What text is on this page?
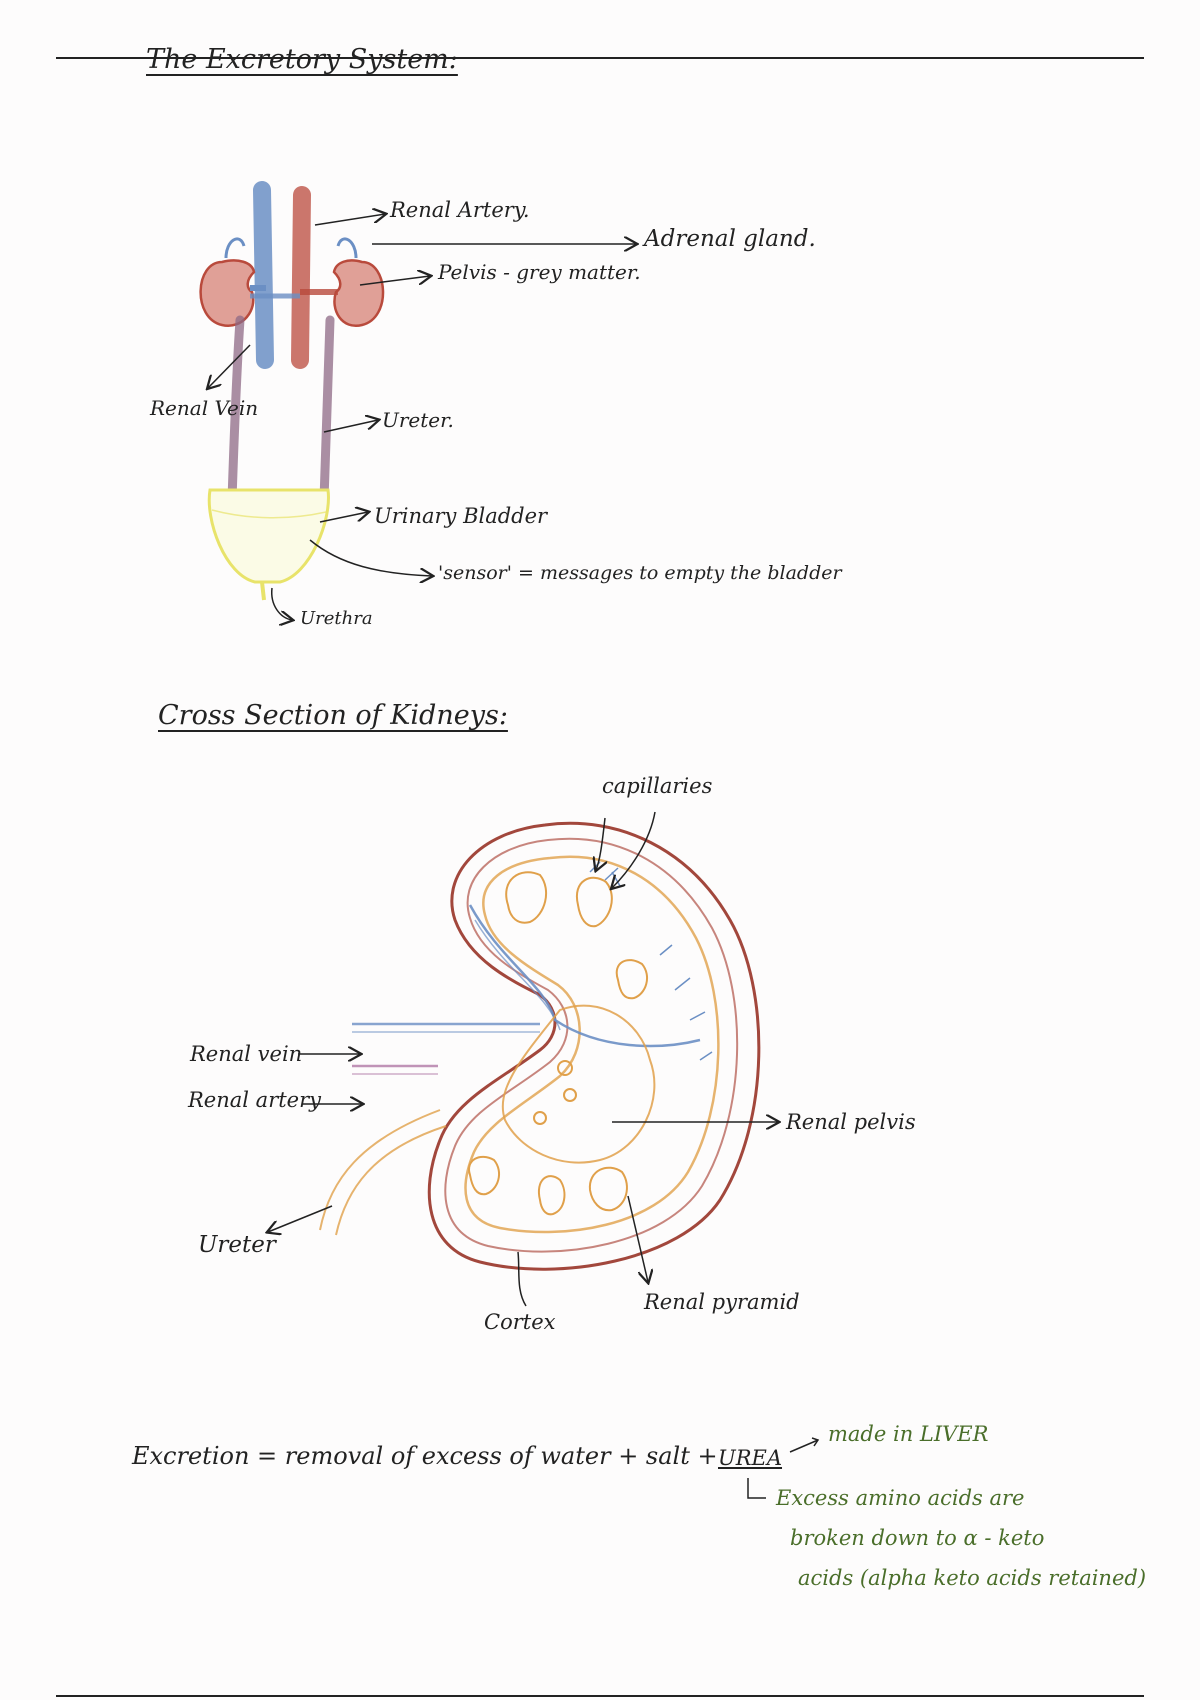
The Excretory System:
Cross Section of Kidneys:
Renal Artery.
Adrenal gland.
Pelvis - grey matter.
Renal Vein	Ureter.
Urinary Bladder
'sensor' = messages to empty the bladder
Urethra
capillaries
Renal vein
Renal artery
Renal pelvis
Ureter
Cortex
Renal pyramid
Excretion = removal of excess of water + salt + UREA
made in LIVER
Excess amino acids are
broken down to α - keto
acids (alpha keto acids retained)
